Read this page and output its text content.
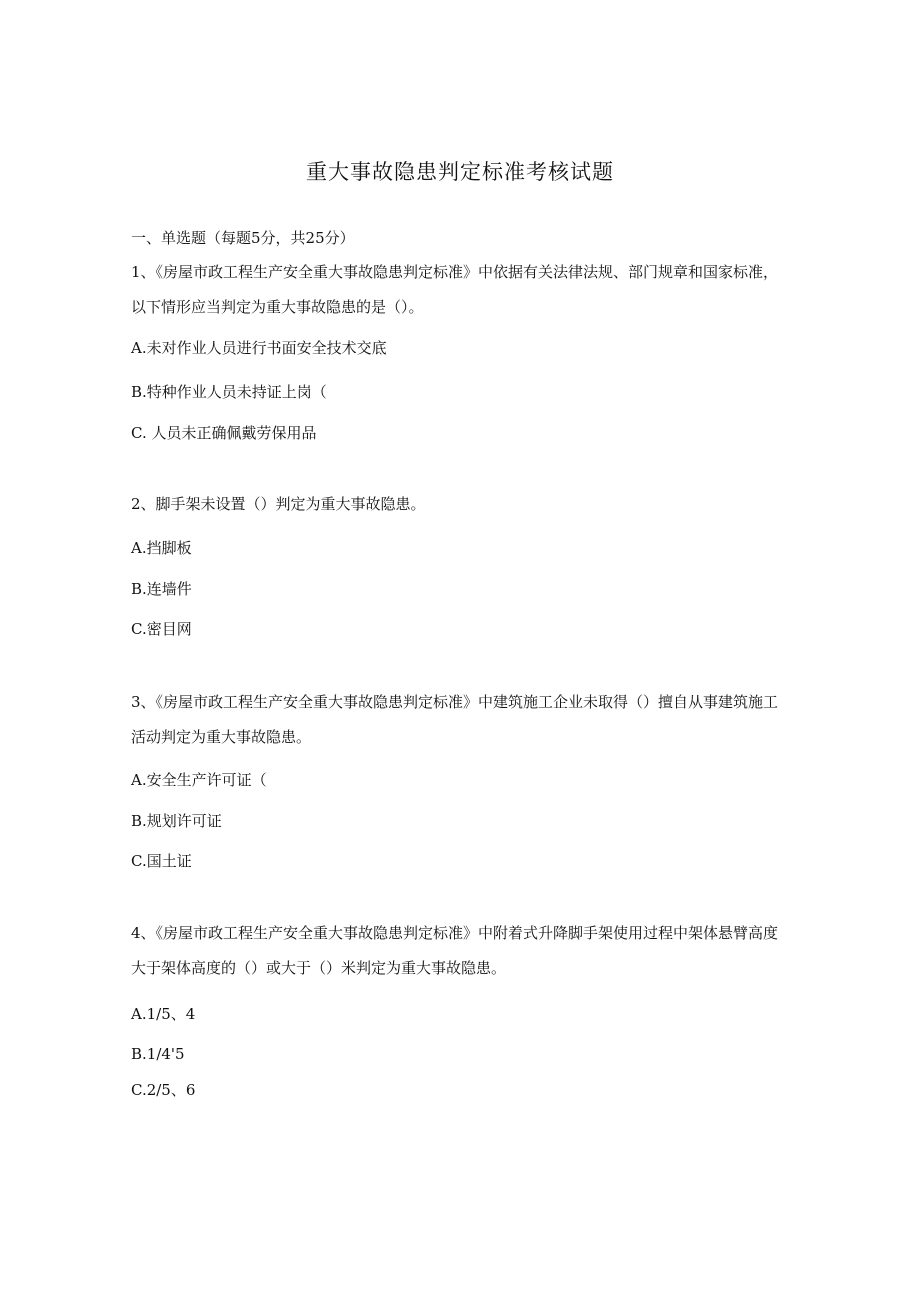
重大事故隐患判定标准考核试题
一、单选题（每题5分，共25分）
1、《房屋市政工程生产安全重大事故隐患判定标准》中依据有关法律法规、部门规章和国家标准，以下情形应当判定为重大事故隐患的是（）。
A.未对作业人员进行书面安全技术交底
B.特种作业人员未持证上岗（
C. 人员未正确佩戴劳保用品
2、脚手架未设置（）判定为重大事故隐患。
A.挡脚板
B.连墙件
C.密目网
3、《房屋市政工程生产安全重大事故隐患判定标准》中建筑施工企业未取得（）擅自从事建筑施工活动判定为重大事故隐患。
A.安全生产许可证（
B.规划许可证
C.国土证
4、《房屋市政工程生产安全重大事故隐患判定标准》中附着式升降脚手架使用过程中架体悬臂高度大于架体高度的（）或大于（）米判定为重大事故隐患。
A.1/5、4
B.1/4'5
C.2/5、6
